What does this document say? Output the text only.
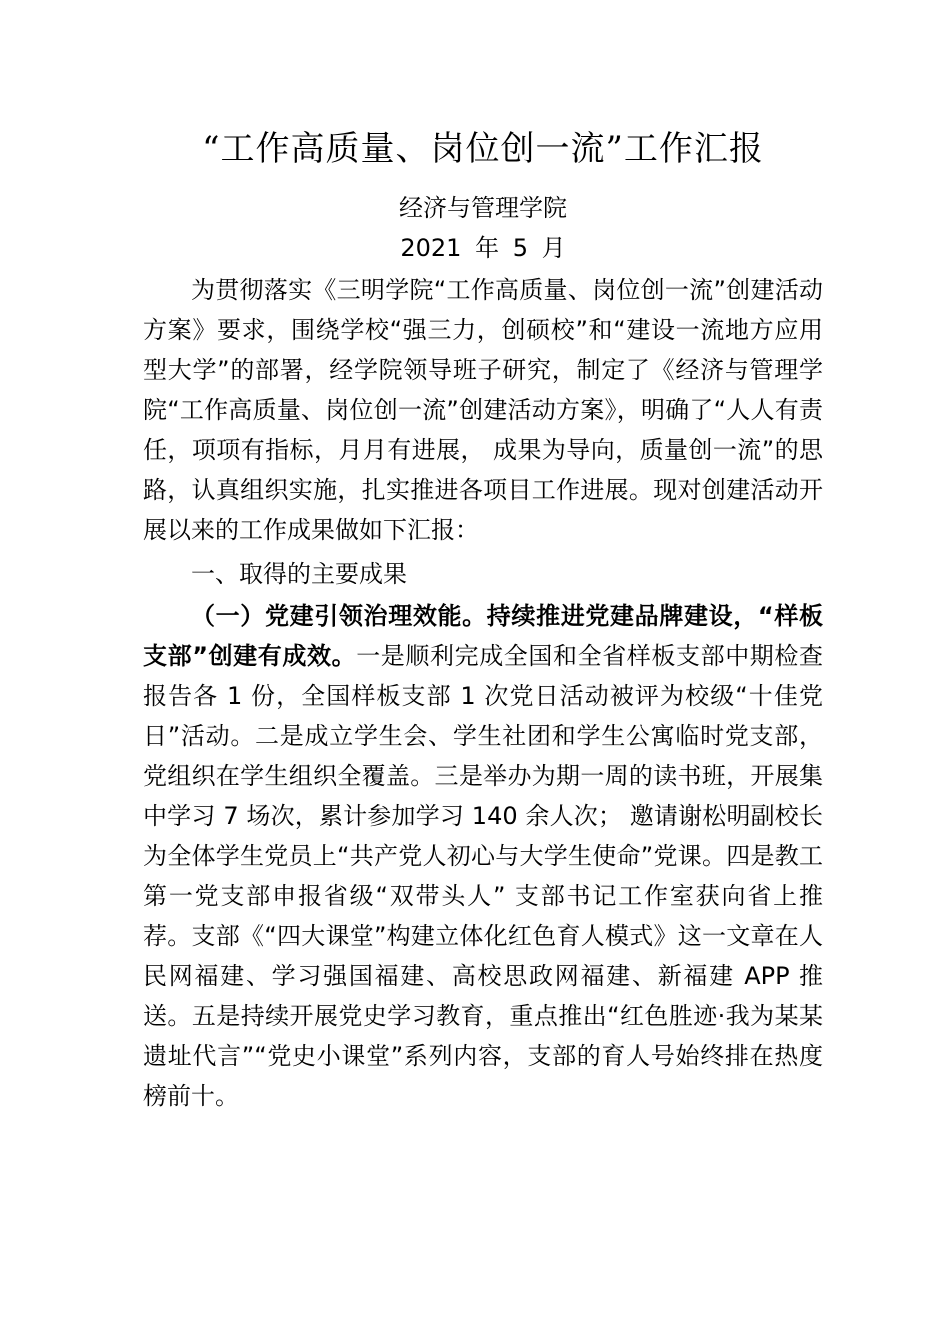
“工作高质量、岗位创一流”工作汇报
经济与管理学院
2021 年 5 月

为贯彻落实《三明学院“工作高质量、岗位创一流”创建活动方案》要求，围绕学校“强三力，创硕校”和“建设一流地方应用型大学”的部署，经学院领导班子研究，制定了《经济与管理学院“工作高质量、岗位创一流”创建活动方案》，明确了“人人有责任，项项有指标，月月有进展， 成果为导向，质量创一流”的思路，认真组织实施，扎实推进各项目工作进展。现对创建活动开展以来的工作成果做如下汇报：

一、取得的主要成果

（一）党建引领治理效能。持续推进党建品牌建设，“样板支部”创建有成效。一是顺利完成全国和全省样板支部中期检查报告各 1 份，全国样板支部 1 次党日活动被评为校级“十佳党日”活动。二是成立学生会、学生社团和学生公寓临时党支部，党组织在学生组织全覆盖。三是举办为期一周的读书班，开展集中学习 7 场次，累计参加学习 140 余人次； 邀请谢松明副校长为全体学生党员上“共产党人初心与大学生使命”党课。四是教工第一党支部申报省级“双带头人” 支部书记工作室获向省上推荐。支部《“四大课堂”构建立体化红色育人模式》这一文章在人民网福建、学习强国福建、高校思政网福建、新福建 APP 推送。五是持续开展党史学习教育，重点推出“红色胜迹·我为某某遗址代言”“党史小课堂”系列内容，支部的育人号始终排在热度榜前十。
